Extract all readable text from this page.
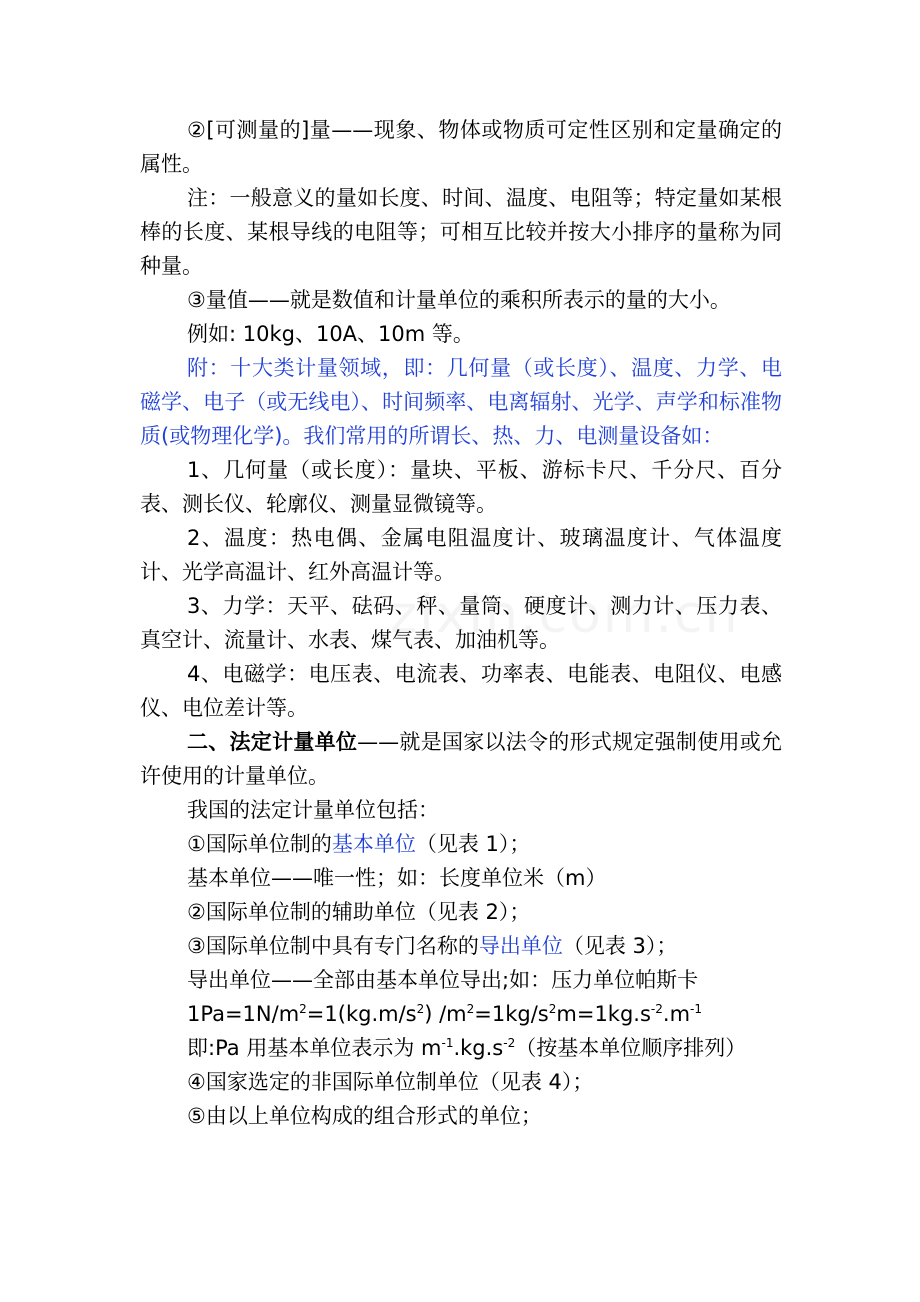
②[可测量的]量——现象、物体或物质可定性区别和定量确定的属性。

注：一般意义的量如长度、时间、温度、电阻等；特定量如某根棒的长度、某根导线的电阻等；可相互比较并按大小排序的量称为同种量。

③量值——就是数值和计量单位的乘积所表示的量的大小。

例如: 10kg、10A、10m 等。

附：十大类计量领域，即：几何量（或长度）、温度、力学、电磁学、电子（或无线电）、时间频率、电离辐射、光学、声学和标准物质(或物理化学)。我们常用的所谓长、热、力、电测量设备如：

1、几何量（或长度）：量块、平板、游标卡尺、千分尺、百分表、测长仪、轮廓仪、测量显微镜等。

2、温度：热电偶、金属电阻温度计、玻璃温度计、气体温度计、光学高温计、红外高温计等。

3、力学：天平、砝码、秤、量筒、硬度计、测力计、压力表、真空计、流量计、水表、煤气表、加油机等。

4、电磁学：电压表、电流表、功率表、电能表、电阻仪、电感仪、电位差计等。

二、法定计量单位——就是国家以法令的形式规定强制使用或允许使用的计量单位。

我国的法定计量单位包括：

①国际单位制的基本单位（见表 1）；

基本单位——唯一性；如：长度单位米（m）

②国际单位制的辅助单位（见表 2）；

③国际单位制中具有专门名称的导出单位（见表 3）；

导出单位——全部由基本单位导出;如：压力单位帕斯卡

$1Pa=1N/m^2=1(kg.m/s^2)$ $/m^2=1kg/s^2m=1kg.s^{-2}.m^{-1}$

即:Pa 用基本单位表示为 $m^{-1}.kg.s^{-2}$（按基本单位顺序排列）

④国家选定的非国际单位制单位（见表 4）；

⑤由以上单位构成的组合形式的单位；
